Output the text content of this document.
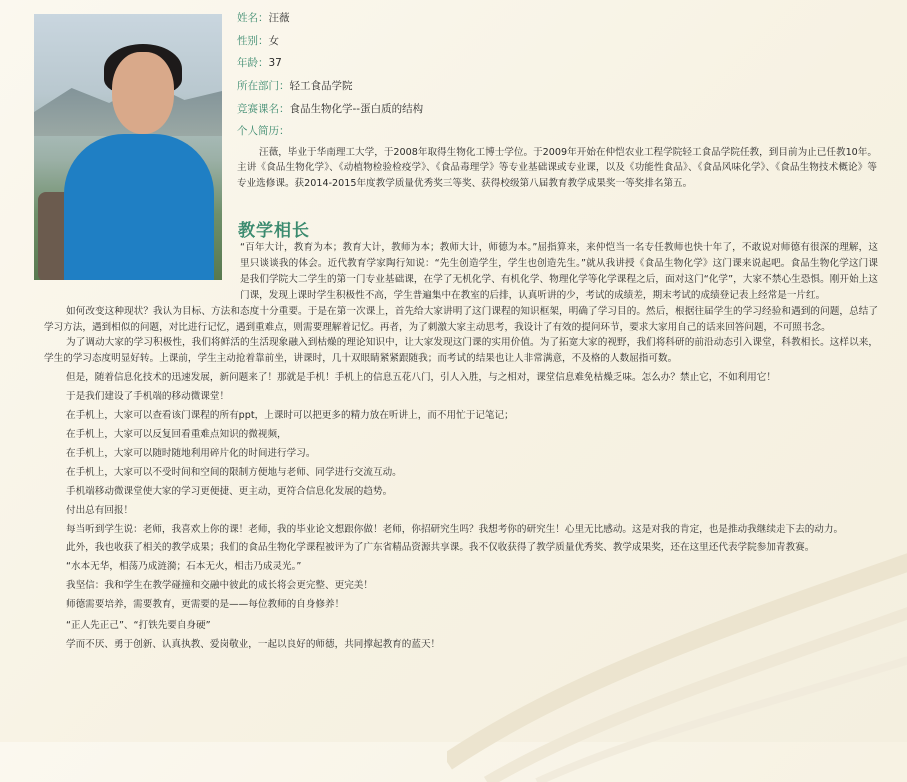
姓名：汪薇
性别：女
年龄：37
所在部门：轻工食品学院
竞赛课名：食品生物化学--蛋白质的结构
个人简历：
汪薇，毕业于华南理工大学，于2008年取得生物化工博士学位。于2009年开始在仲恺农业工程学院轻工食品学院任教，到目前为止已任教10年。主讲《食品生物化学》、《动植物检验检疫学》、《食品毒理学》等专业基础课或专业课，以及《功能性食品》、《食品风味化学》、《食品生物技术概论》等专业选修课。获2014-2015年度教学质量优秀奖三等奖、获得校级第八届教育教学成果奖一等奖排名第五。
教学相长

“百年大计，教育为本；教育大计，教师为本；教师大计，师德为本。”屈指算来，来仲恺当一名专任教师也快十年了，不敢说对师德有很深的理解，这里只谈谈我的体会。近代教育学家陶行知说：“先生创造学生，学生也创造先生。”就从我讲授《食品生物化学》这门课来说起吧。食品生物化学这门课是我们学院大二学生的第一门专业基础课，在学了无机化学、有机化学、物理化学等化学课程之后，面对这门“化学”，大家不禁心生恐惧。刚开始上这门课，发现上课时学生积极性不高，学生普遍集中在教室的后排，认真听讲的少，考试的成绩差，期末考试的成绩登记表上经常是一片红。

如何改变这种现状？我认为目标、方法和态度十分重要。于是在第一次课上，首先给大家讲明了这门课程的知识框架，明确了学习目的。然后，根据往届学生的学习经验和遇到的问题，总结了学习方法，遇到相似的问题，对比进行记忆，遇到重难点，则需要理解着记忆。再者，为了刺激大家主动思考，我设计了有效的提问环节，要求大家用自己的话来回答问题，不可照书念。

为了调动大家的学习积极性，我们将鲜活的生活现象融入到枯燥的理论知识中，让大家发现这门课的实用价值。为了拓宽大家的视野，我们将科研的前沿动态引入课堂，科教相长。这样以来，学生的学习态度明显好转。上课前，学生主动抢着靠前坐，讲课时，几十双眼睛紧紧跟随我；而考试的结果也让人非常满意，不及格的人数屈指可数。

但是，随着信息化技术的迅速发展，新问题来了！那就是手机！手机上的信息五花八门，引人入胜，与之相对，课堂信息难免枯燥乏味。怎么办？禁止它，不如利用它！

于是我们建设了手机端的移动微课堂！

在手机上，大家可以查看该门课程的所有ppt，上课时可以把更多的精力放在听讲上，而不用忙于记笔记；

在手机上，大家可以反复回看重难点知识的微视频，

在手机上，大家可以随时随地利用碎片化的时间进行学习。

在手机上，大家可以不受时间和空间的限制方便地与老师、同学进行交流互动。

手机端移动微课堂使大家的学习更便捷、更主动，更符合信息化发展的趋势。

付出总有回报！

每当听到学生说：老师，我喜欢上你的课！老师，我的毕业论文想跟你做！老师，你招研究生吗？我想考你的研究生！心里无比感动。这是对我的肯定，也是推动我继续走下去的动力。

此外，我也收获了相关的教学成果；我们的食品生物化学课程被评为了广东省精品资源共享课。我不仅收获得了教学质量优秀奖、教学成果奖，还在这里还代表学院参加青教赛。

“水本无华，相荡乃成涟漪；石本无火，相击乃成灵光。”

我坚信：我和学生在教学碰撞和交融中彼此的成长将会更完整、更完美！

师德需要培养，需要教育，更需要的是——每位教师的自身修养！

“正人先正己”、“打铁先要自身硬”

学而不厌、勇于创新、认真执教、爱岗敬业，一起以良好的师德，共同撑起教育的蓝天！
